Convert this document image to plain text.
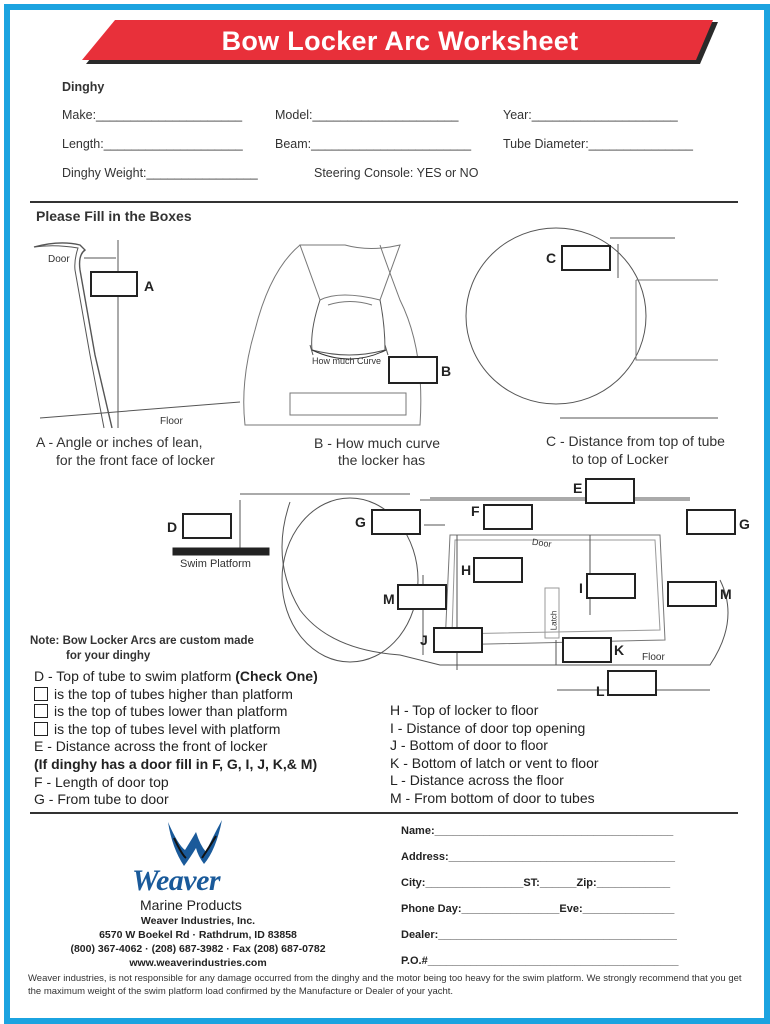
Bow Locker Arc Worksheet
Dinghy
Make:_____________________	Model:_____________________	Year:_____________________
Length:____________________	Beam:_______________________	Tube Diameter:_______________
Dinghy Weight:________________	Steering Console: YES or NO
Please Fill in the Boxes
Door
Floor
How much Curve
Swim Platform
Door
Latch
Floor
A
B
C
D
E
F
G	G
H
I
M	M
J
K
L
A - Angle or inches of lean,
for the front face of locker
B - How much curve
the locker has
C - Distance from top of tube
to top of Locker
Note: Bow Locker Arcs are custom made
for your dinghy
D - Top of tube to swim platform (Check One)
is the top of tubes higher than platform
is the top of tubes lower than platform
is the top of tubes level with platform
E - Distance across the front of locker
(If dinghy has a door fill in F, G, I, J, K,& M)
F - Length of door top
G - From tube to door
H - Top of locker to floor
I - Distance of door top opening
J - Bottom of door to floor
K - Bottom of latch or vent to floor
L - Distance across the floor
M - From bottom of door to tubes
Weaver
Marine Products
Weaver Industries, Inc.
6570 W Boekel Rd · Rathdrum, ID 83858
(800) 367-4062 · (208) 687-3982 · Fax (208) 687-0782
www.weaverindustries.com
Name:_______________________________________
Address:_____________________________________
City:________________ST:______Zip:____________
Phone Day:________________Eve:_______________
Dealer:_______________________________________
P.O.#_________________________________________
Weaver industries, is not responsible for any damage occurred from the dinghy and the motor being too heavy for the swim platform. We strongly recommend that you get the maximum weight of the swim platform load confirmed by the Manufacture or Dealer of your yacht.
